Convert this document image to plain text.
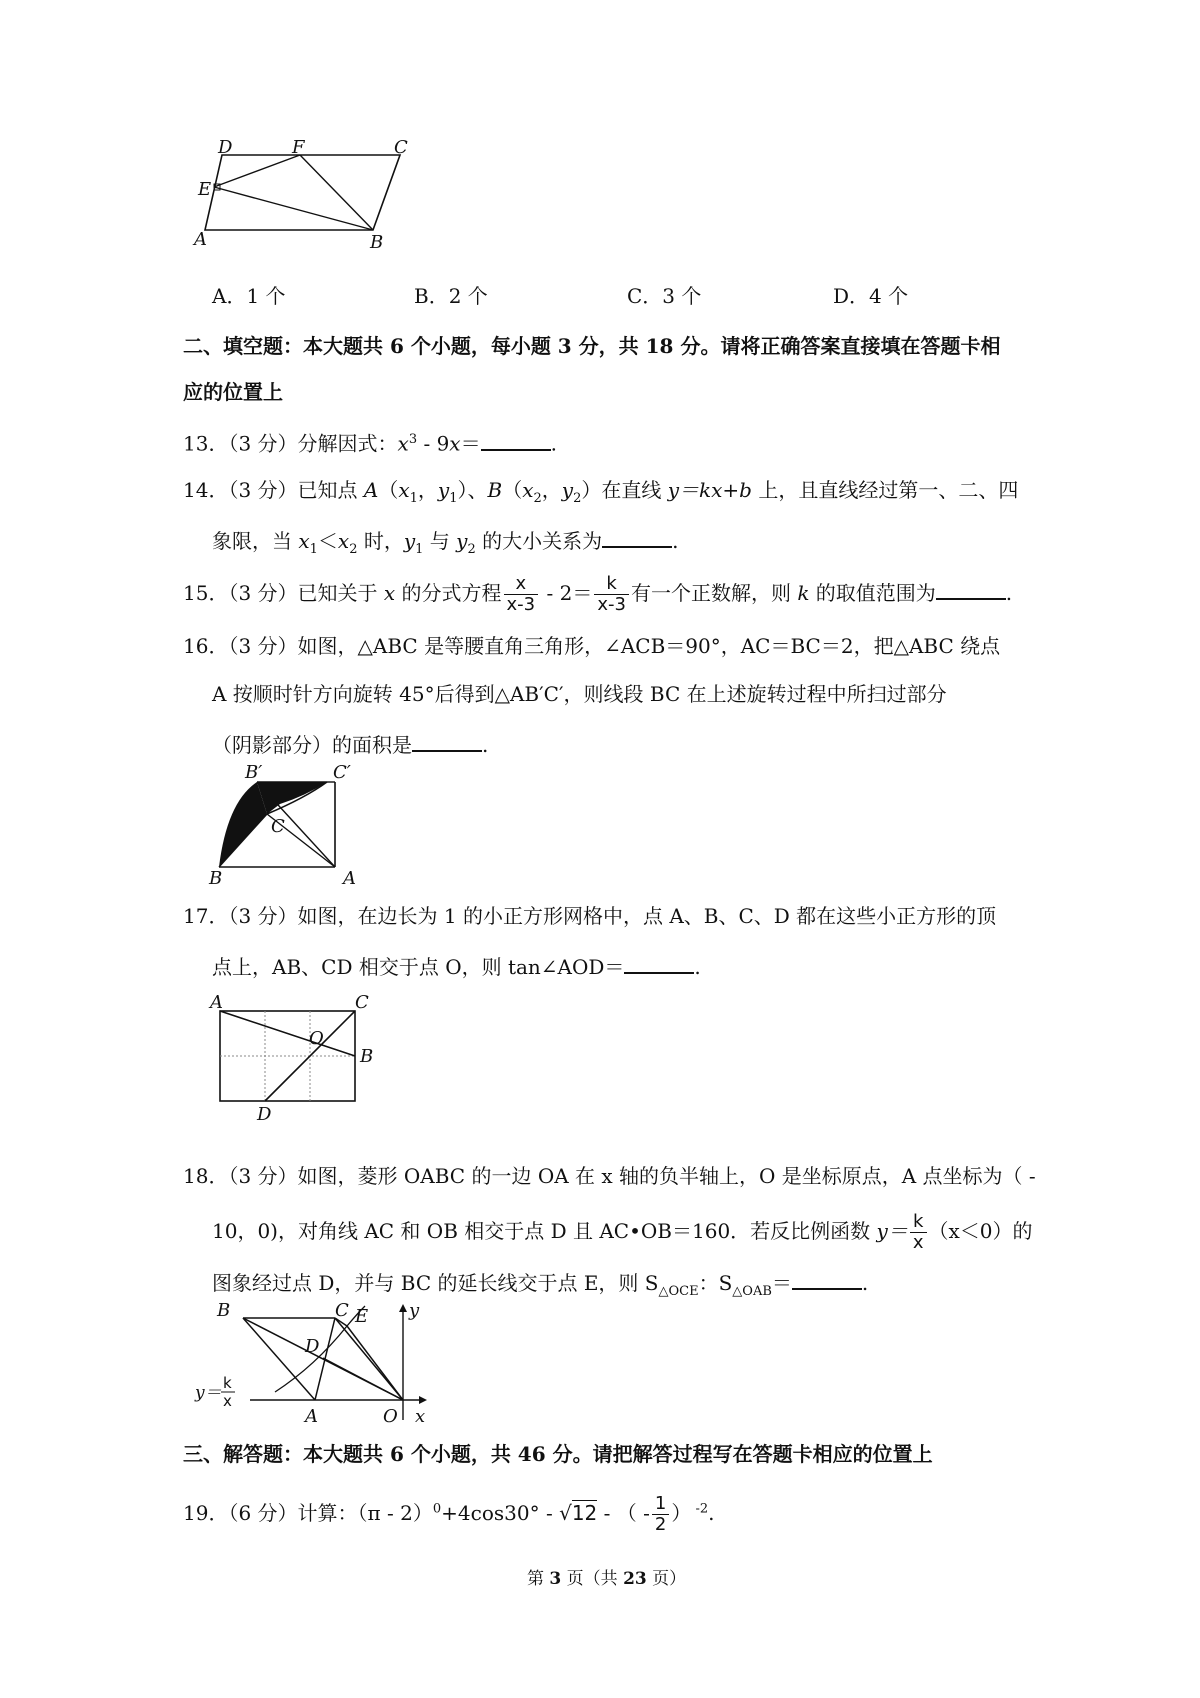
D	F	C
E
A	B
A．1 个	B．2 个	C．3 个	D．4 个
二、填空题：本大题共 6 个小题，每小题 3 分，共 18 分。请将正确答案直接填在答题卡相
应的位置上
13．（3 分）分解因式：$x^3 - 9x=$	.
14．（3 分）已知点 $A(x_1$，$y_1$）、$B(x_2$，$y_2$）在直线 y＝kx+b 上，且直线经过第一、二、四
象限，当 $x_1<x_2$ 时，$y_1$ 与 $y_2$ 的大小关系为	.
15．（3 分）已知关于 x 的分式方程 $\frac{x}{x-3} - 2= \frac{k}{x-3}$ 有一个正数解，则 k 的取值范围为	.
16．（3 分）如图，△ABC 是等腰直角三角形，∠ACB＝90°，AC＝BC＝2，把△ABC 绕点
A 按顺时针方向旋转 45°后得到△AB′C′，则线段 BC 在上述旋转过程中所扫过部分
（阴影部分）的面积是	.
B′	C′
C
B	A
17．（3 分）如图，在边长为 1 的小正方形网格中，点 A、B、C、D 都在这些小正方形的顶
点上，AB、CD 相交于点 O，则 tan∠AOD＝	.
A	C
O
B
D
18．（3 分）如图，菱形 OABC 的一边 OA 在 x 轴的负半轴上，O 是坐标原点，A 点坐标为（ -
10，0)，对角线 AC 和 OB 相交于点 D 且 AC•OB＝160．若反比例函数 $y= \frac{k}{x} (x<0)$的
图象经过点 D，并与 BC 的延长线交于点 E，则 $S_{\triangle OCE}$：$S_{\triangle OAB}=$	.
B	C E y
D
y＝ k
x
A	O x
三、解答题：本大题共 6 个小题，共 46 分。请把解答过程写在答题卡相应的位置上
19．（6 分）计算：（π - 2）$^0$+4cos30° - √12 - （ - $\frac{1}{2}$ ） $^{-2}$.
第 3 页（共 23 页）
